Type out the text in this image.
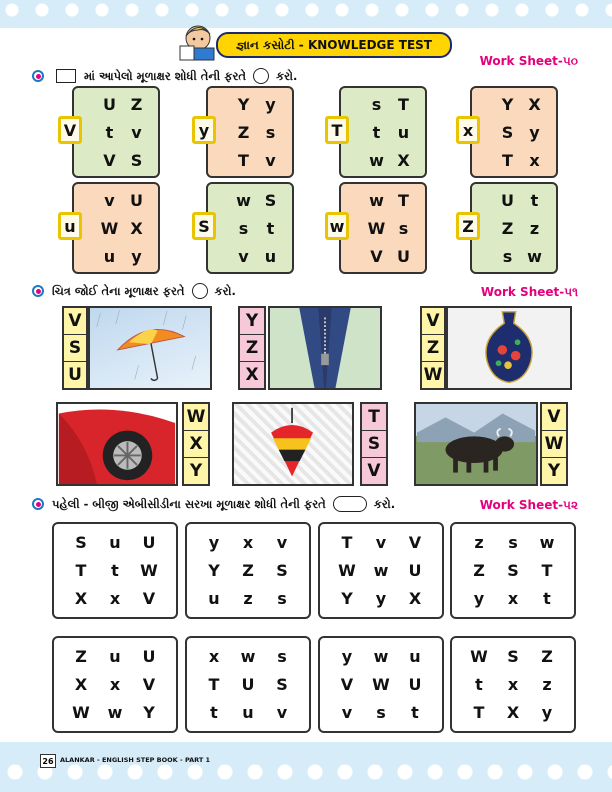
જ્ઞાન કસોટી - KNOWLEDGE TEST
Work Sheet-૫૦
માં આપેલો મૂળાક્ષર શોધી તેની ફરતે	કરો.
U Z
t	v
V S
V
Y y
Z	s
T	v
y
s	T
t	u
w X
T
Y X
S	y
T	x
x
v U
W X
u	y
u
w S
s	t
v	u
S
w T
W s
V U
w
U	t
Z	z
s w
Z
Work Sheet-૫૧
ચિત્ર જોઈ તેના મૂળાક્ષર ફરતે	કરો.
V
S
U
Y
Z
X
V
Z
W
W
X
Y
T
S
V
V
W
Y
Work Sheet-૫૨
પહેલી - બીજી એબીસીડીના સરખા મૂળાક્ષર શોધી તેની ફરતે	કરો.
S	u	U
T	t	W
X	x	V
y	x	v
Y	Z	S
u	z	s
T	v	V
W	w	U
Y	y	X
z	s	w
Z	S	T
y	x	t
Z	u	U
X	x	V
W	w	Y
x	w	s
T	U	S
t	u	v
y	w	u
V	W	U
v	s	t
W	S	Z
t	x	z
T	X	y
26 ALANKAR - ENGLISH STEP BOOK - PART 1
